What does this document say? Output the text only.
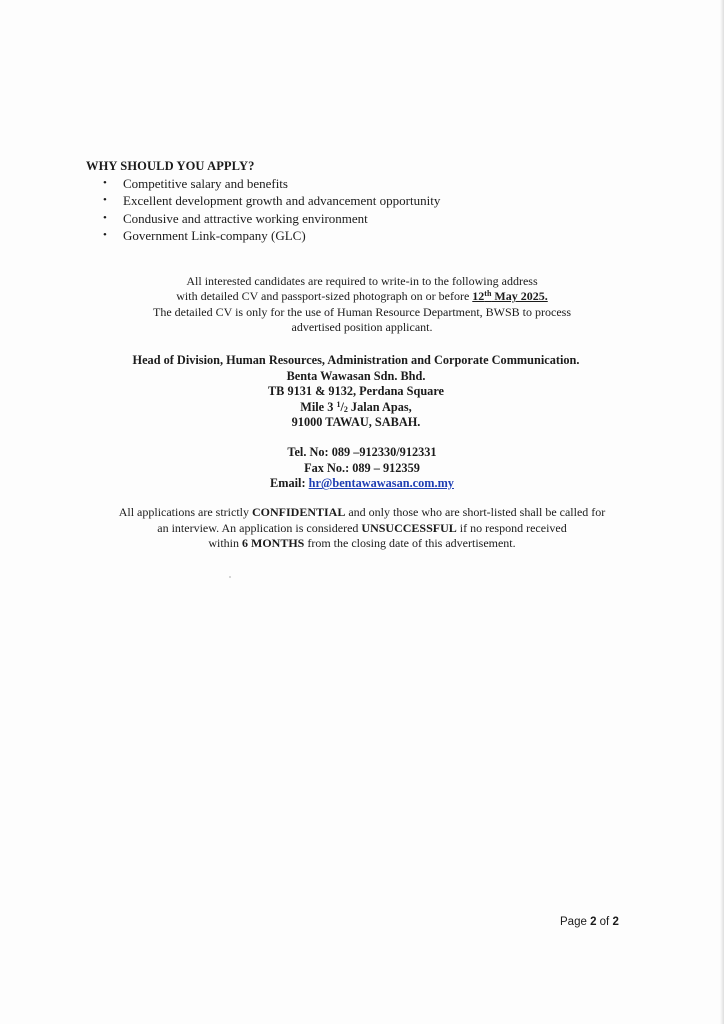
WHY SHOULD YOU APPLY?
• Competitive salary and benefits
• Excellent development growth and advancement opportunity
• Condusive and attractive working environment
• Government Link-company (GLC)
All interested candidates are required to write-in to the following address
with detailed CV and passport-sized photograph on or before 12th May 2025.
The detailed CV is only for the use of Human Resource Department, BWSB to process
advertised position applicant.
Head of Division, Human Resources, Administration and Corporate Communication.
Benta Wawasan Sdn. Bhd.
TB 9131 & 9132, Perdana Square
Mile 3 $^1/_2$ Jalan Apas,
91000 TAWAU, SABAH.
Tel. No: 089 –912330/912331
Fax No.: 089 – 912359
Email: hr@bentawawasan.com.my
All applications are strictly CONFIDENTIAL and only those who are short-listed shall be called for
an interview. An application is considered UNSUCCESSFUL if no respond received
within 6 MONTHS from the closing date of this advertisement.
Page 2 of 2
